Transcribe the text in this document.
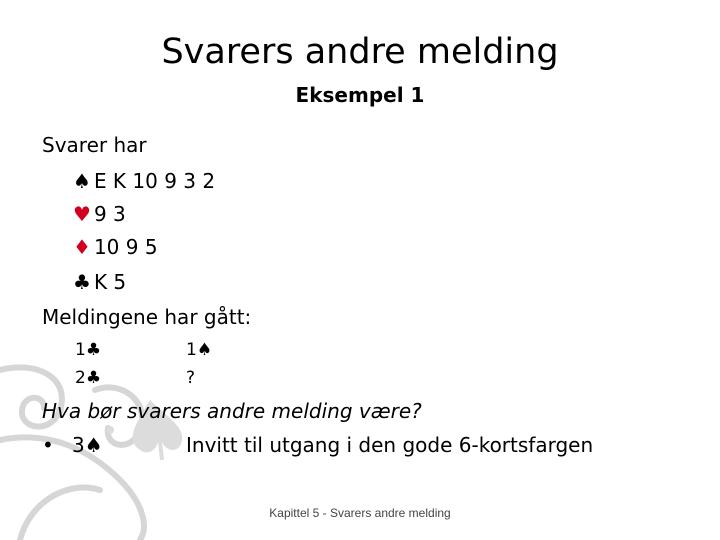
Svarers andre melding
Eksempel 1
Svarer har
♠ E K 10 9 3 2
♥ 9 3
♦ 10 9 5
♣ K 5
Meldingene har gått:
1♣	1♠
2♣	?
Hva bør svarers andre melding være?
• 3♠	Invitt til utgang i den gode 6-kortsfargen
Kapittel 5 - Svarers andre melding
